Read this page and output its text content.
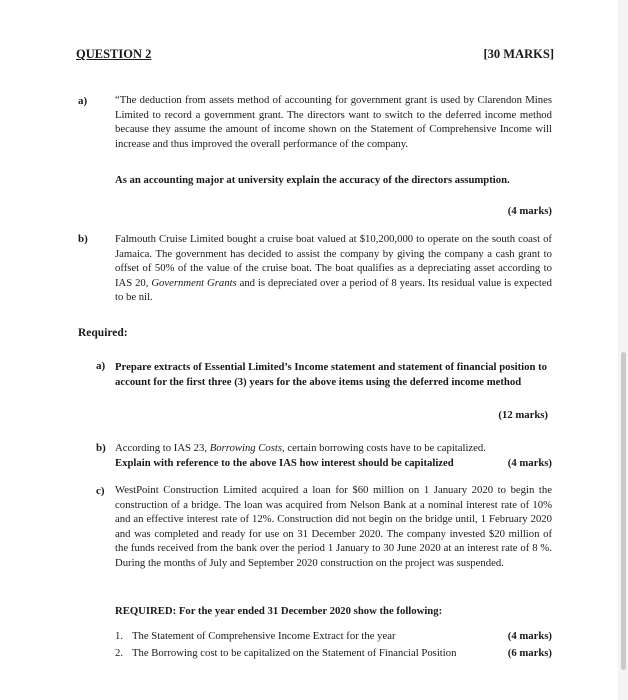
QUESTION 2	[30 MARKS]
a)	“The deduction from assets method of accounting for government grant is used by Clarendon Mines Limited to record a government grant. The directors want to switch to the deferred income method because they assume the amount of income shown on the Statement of Comprehensive Income will increase and thus improved the overall performance of the company.
As an accounting major at university explain the accuracy of the directors assumption.
(4 marks)
b)	Falmouth Cruise Limited bought a cruise boat valued at $10,200,000 to operate on the south coast of Jamaica. The government has decided to assist the company by giving the company a cash grant to offset of 50% of the value of the cruise boat. The boat qualifies as a depreciating asset according to IAS 20, Government Grants and is depreciated over a period of 8 years. Its residual value is expected to be nil.
Required:
a) Prepare extracts of Essential Limited’s Income statement and statement of financial position to account for the first three (3) years for the above items using the deferred income method
(12 marks)
b) According to IAS 23, Borrowing Costs, certain borrowing costs have to be capitalized.
Explain with reference to the above IAS how interest should be capitalized	(4 marks)
c) WestPoint Construction Limited acquired a loan for $60 million on 1 January 2020 to begin the construction of a bridge. The loan was acquired from Nelson Bank at a nominal interest rate of 10% and an effective interest rate of 12%. Construction did not begin on the bridge until, 1 February 2020 and was completed and ready for use on 31 December 2020. The company invested $20 million of the funds received from the bank over the period 1 January to 30 June 2020 at an interest rate of 8 %. During the months of July and September 2020 construction on the project was suspended.
REQUIRED: For the year ended 31 December 2020 show the following:
1. The Statement of Comprehensive Income Extract for the year	(4 marks)
2. The Borrowing cost to be capitalized on the Statement of Financial Position	(6 marks)
